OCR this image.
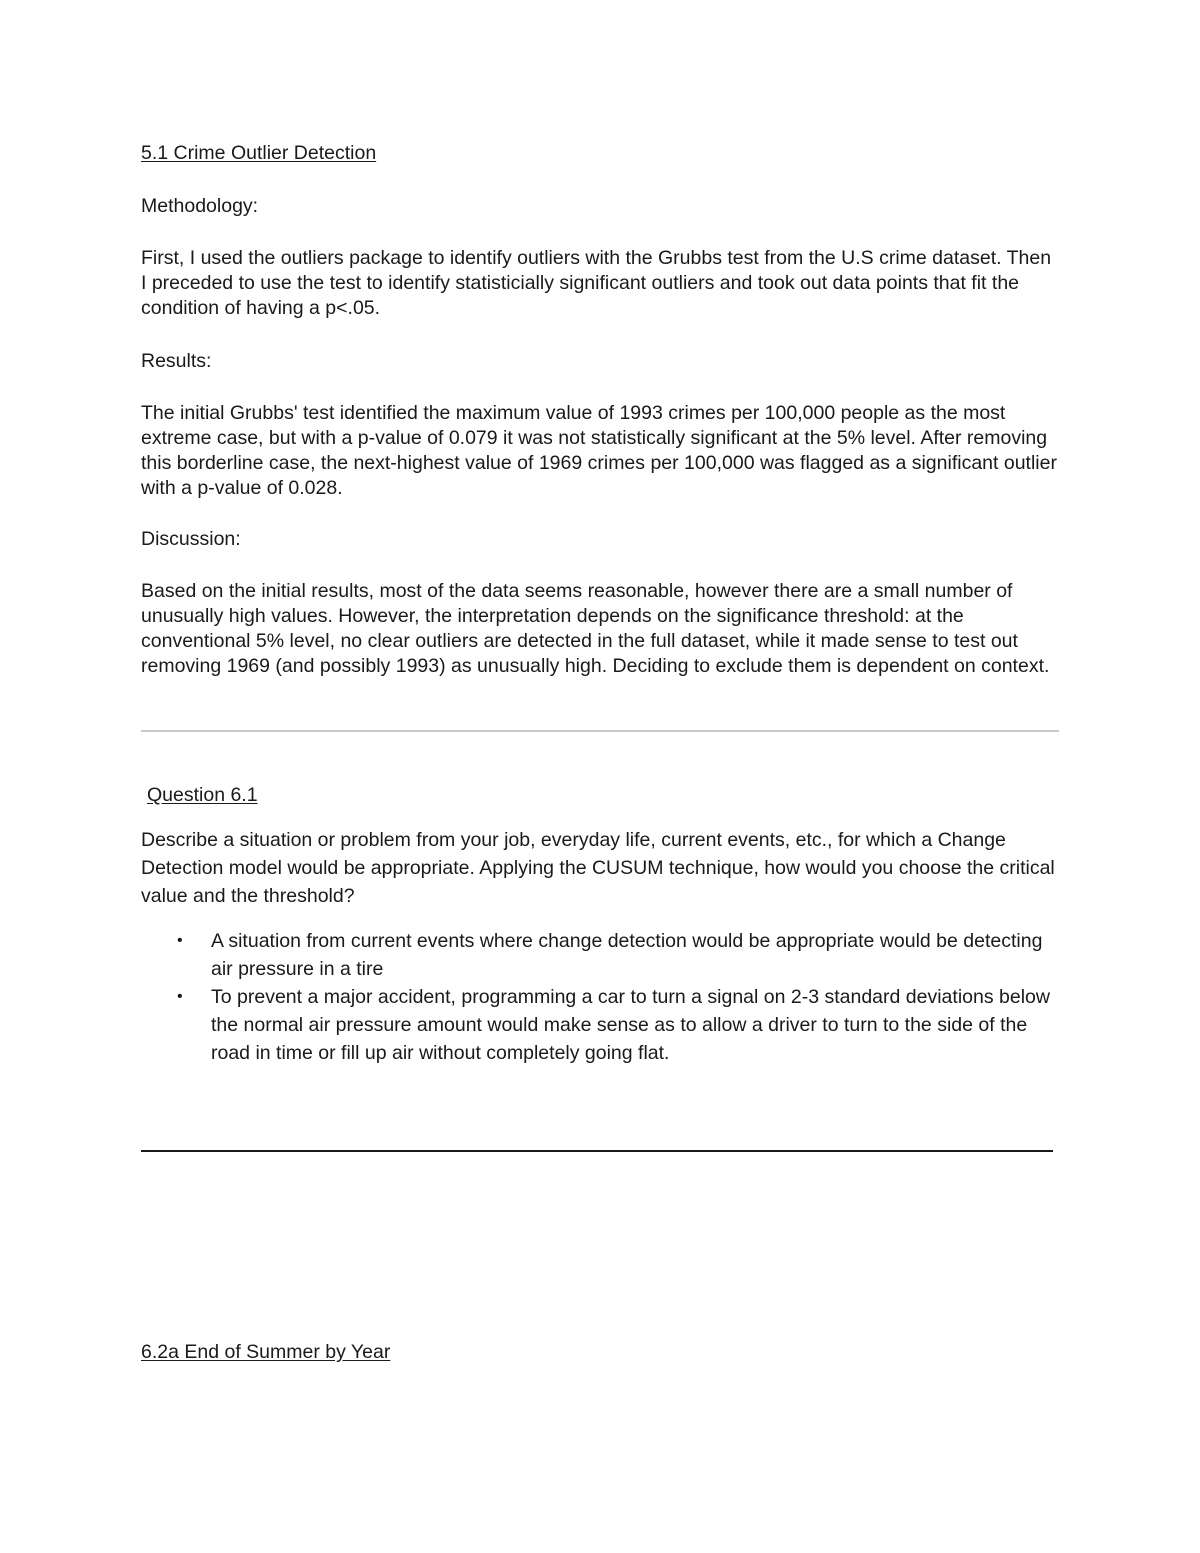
5.1 Crime Outlier Detection

Methodology:

First, I used the outliers package to identify outliers with the Grubbs test from the U.S crime dataset. Then I preceded to use the test to identify statisticially significant outliers and took out data points that fit the condition of having a p<.05.

Results:

The initial Grubbs' test identified the maximum value of 1993 crimes per 100,000 people as the most extreme case, but with a p-value of 0.079 it was not statistically significant at the 5% level. After removing this borderline case, the next-highest value of 1969 crimes per 100,000 was flagged as a significant outlier with a p-value of 0.028.

Discussion:

Based on the initial results, most of the data seems reasonable, however there are a small number of unusually high values. However, the interpretation depends on the significance threshold: at the conventional 5% level, no clear outliers are detected in the full dataset, while it made sense to test out removing 1969 (and possibly 1993) as unusually high. Deciding to exclude them is dependent on context.

Question 6.1

Describe a situation or problem from your job, everyday life, current events, etc., for which a Change Detection model would be appropriate. Applying the CUSUM technique, how would you choose the critical value and the threshold?

• A situation from current events where change detection would be appropriate would be detecting air pressure in a tire
• To prevent a major accident, programming a car to turn a signal on 2-3 standard deviations below the normal air pressure amount would make sense as to allow a driver to turn to the side of the road in time or fill up air without completely going flat.

6.2a End of Summer by Year
